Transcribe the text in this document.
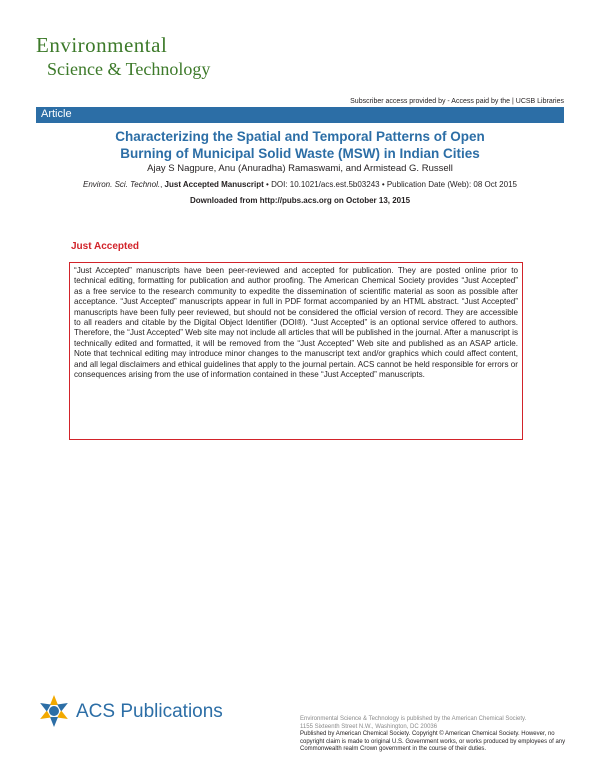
Environmental
Science & Technology
Subscriber access provided by - Access paid by the | UCSB Libraries
Article
Characterizing the Spatial and Temporal Patterns of Open
Burning of Municipal Solid Waste (MSW) in Indian Cities
Ajay S Nagpure, Anu (Anuradha) Ramaswami, and Armistead G. Russell
Environ. Sci. Technol., Just Accepted Manuscript • DOI: 10.1021/acs.est.5b03243 • Publication Date (Web): 08 Oct 2015
Downloaded from http://pubs.acs.org on October 13, 2015
Just Accepted
“Just Accepted” manuscripts have been peer-reviewed and accepted for publication. They are posted online prior to technical editing, formatting for publication and author proofing. The American Chemical Society provides “Just Accepted” as a free service to the research community to expedite the dissemination of scientific material as soon as possible after acceptance. “Just Accepted” manuscripts appear in full in PDF format accompanied by an HTML abstract. “Just Accepted” manuscripts have been fully peer reviewed, but should not be considered the official version of record. They are accessible to all readers and citable by the Digital Object Identifier (DOI®). “Just Accepted” is an optional service offered to authors. Therefore, the “Just Accepted” Web site may not include all articles that will be published in the journal. After a manuscript is technically edited and formatted, it will be removed from the “Just Accepted” Web site and published as an ASAP article. Note that technical editing may introduce minor changes to the manuscript text and/or graphics which could affect content, and all legal disclaimers and ethical guidelines that apply to the journal pertain. ACS cannot be held responsible for errors or consequences arising from the use of information contained in these “Just Accepted” manuscripts.
ACS Publications	Environmental Science & Technology is published by the American Chemical Society.
1155 Sixteenth Street N.W., Washington, DC 20036
Published by American Chemical Society. Copyright © American Chemical Society. However, no copyright claim is made to original U.S. Government works, or works produced by employees of any Commonwealth realm Crown government in the course of their duties.
